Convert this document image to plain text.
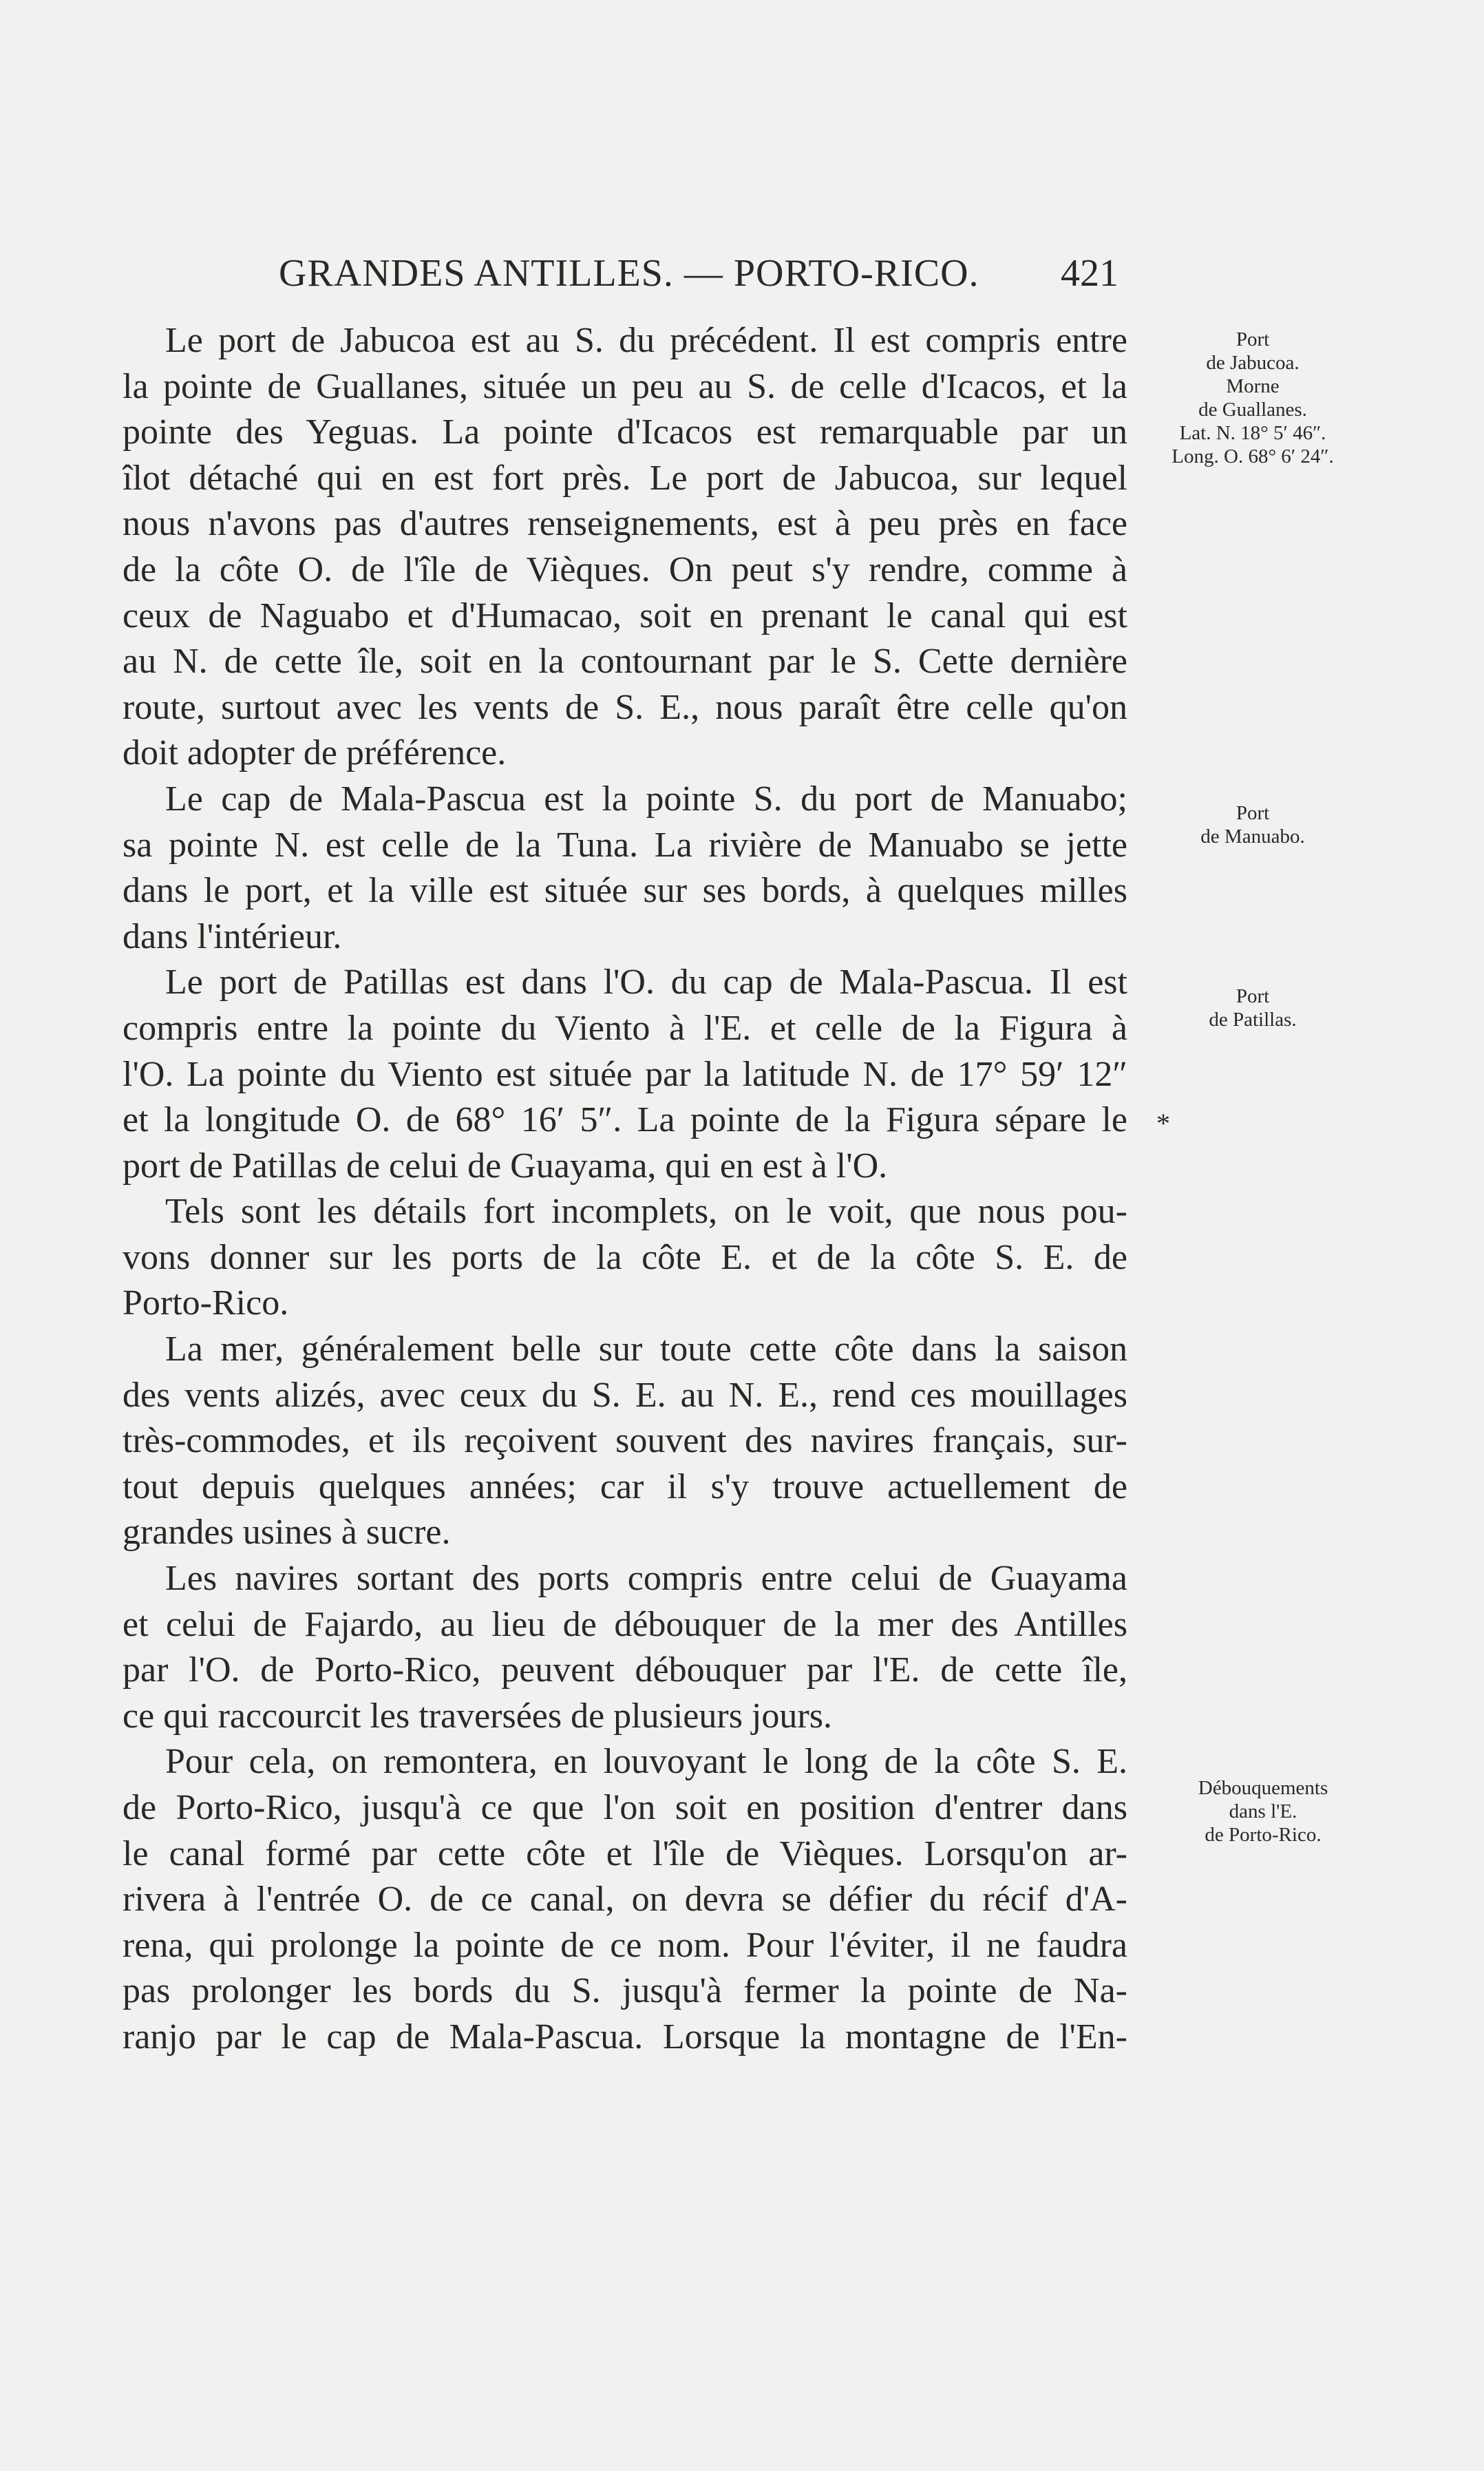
GRANDES ANTILLES. — PORTO-RICO. 421
Le port de Jabucoa est au S. du précédent. Il est compris entre
la pointe de Guallanes, située un peu au S. de celle d'Icacos, et la
pointe des Yeguas. La pointe d'Icacos est remarquable par un
îlot détaché qui en est fort près. Le port de Jabucoa, sur lequel
nous n'avons pas d'autres renseignements, est à peu près en face
de la côte O. de l'île de Vièques. On peut s'y rendre, comme à
ceux de Naguabo et d'Humacao, soit en prenant le canal qui est
au N. de cette île, soit en la contournant par le S. Cette dernière
route, surtout avec les vents de S. E., nous paraît être celle qu'on
doit adopter de préférence.
Le cap de Mala-Pascua est la pointe S. du port de Manuabo;
sa pointe N. est celle de la Tuna. La rivière de Manuabo se jette
dans le port, et la ville est située sur ses bords, à quelques milles
dans l'intérieur.
Le port de Patillas est dans l'O. du cap de Mala-Pascua. Il est
compris entre la pointe du Viento à l'E. et celle de la Figura à
l'O. La pointe du Viento est située par la latitude N. de 17° 59′ 12″
et la longitude O. de 68° 16′ 5″. La pointe de la Figura sépare le
port de Patillas de celui de Guayama, qui en est à l'O.
Tels sont les détails fort incomplets, on le voit, que nous pou-
vons donner sur les ports de la côte E. et de la côte S. E. de
Porto-Rico.
La mer, généralement belle sur toute cette côte dans la saison
des vents alizés, avec ceux du S. E. au N. E., rend ces mouillages
très-commodes, et ils reçoivent souvent des navires français, sur-
tout depuis quelques années; car il s'y trouve actuellement de
grandes usines à sucre.
Les navires sortant des ports compris entre celui de Guayama
et celui de Fajardo, au lieu de débouquer de la mer des Antilles
par l'O. de Porto-Rico, peuvent débouquer par l'E. de cette île,
ce qui raccourcit les traversées de plusieurs jours.
Pour cela, on remontera, en louvoyant le long de la côte S. E.
de Porto-Rico, jusqu'à ce que l'on soit en position d'entrer dans
le canal formé par cette côte et l'île de Vièques. Lorsqu'on ar-
rivera à l'entrée O. de ce canal, on devra se défier du récif d'A-
rena, qui prolonge la pointe de ce nom. Pour l'éviter, il ne faudra
pas prolonger les bords du S. jusqu'à fermer la pointe de Na-
ranjo par le cap de Mala-Pascua. Lorsque la montagne de l'En-
Port
de Jabucoa.
Morne
de Guallanes.
Lat. N. 18° 5′ 46″.
Long. O. 68° 6′ 24″.
Port
de Manuabo.
Port
de Patillas.
Débouquements
dans l'E.
de Porto-Rico.
*
